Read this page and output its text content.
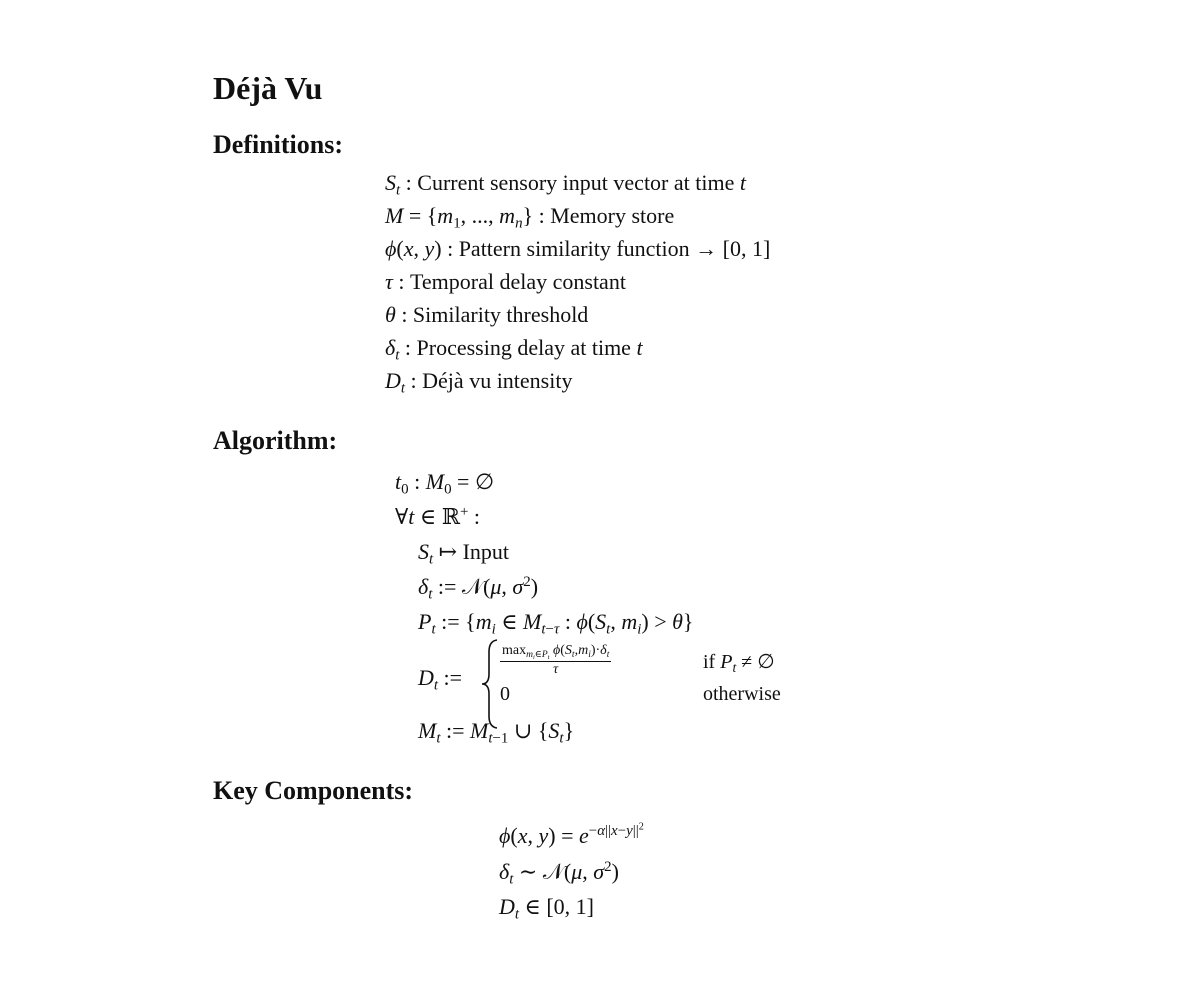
Déjà Vu
Definitions:
$S_t$ : Current sensory input vector at time t
$M = \{m_1$, ..., $m_n$} : Memory store
ϕ(x, y) : Pattern similarity function → [0, 1]
τ : Temporal delay constant
θ : Similarity threshold
$\delta_t$ : Processing delay at time t
$D_t$ : Déjà vu intensity
Algorithm:
$t_0$ : $M_0$ = ∅
∀t ∈ ℝ+ :
$S_t$ ↦ Input
$\delta_t$ := 𝒩(μ, $\sigma^2$)
$P_t$ := {$m_i$ ∈ $M_{t-\tau}$ : $\phi(S_t$, $m_i) > \theta$}
$D_t$ :=
$\max_{m_i\in P_t} \phi(S_t,m_i)\cdot\delta_t$
τ
0
if $P_t$ ≠ ∅
otherwise
$M_t$ := $M_{t-1}$ ∪ $\{S_t\}$
Key Components:
ϕ(x, $y) = e^{-\alpha||x-y||^2}$
$\delta_t$ ∼ 𝒩(μ, $\sigma^2$)
$D_t$ ∈ [0, 1]
